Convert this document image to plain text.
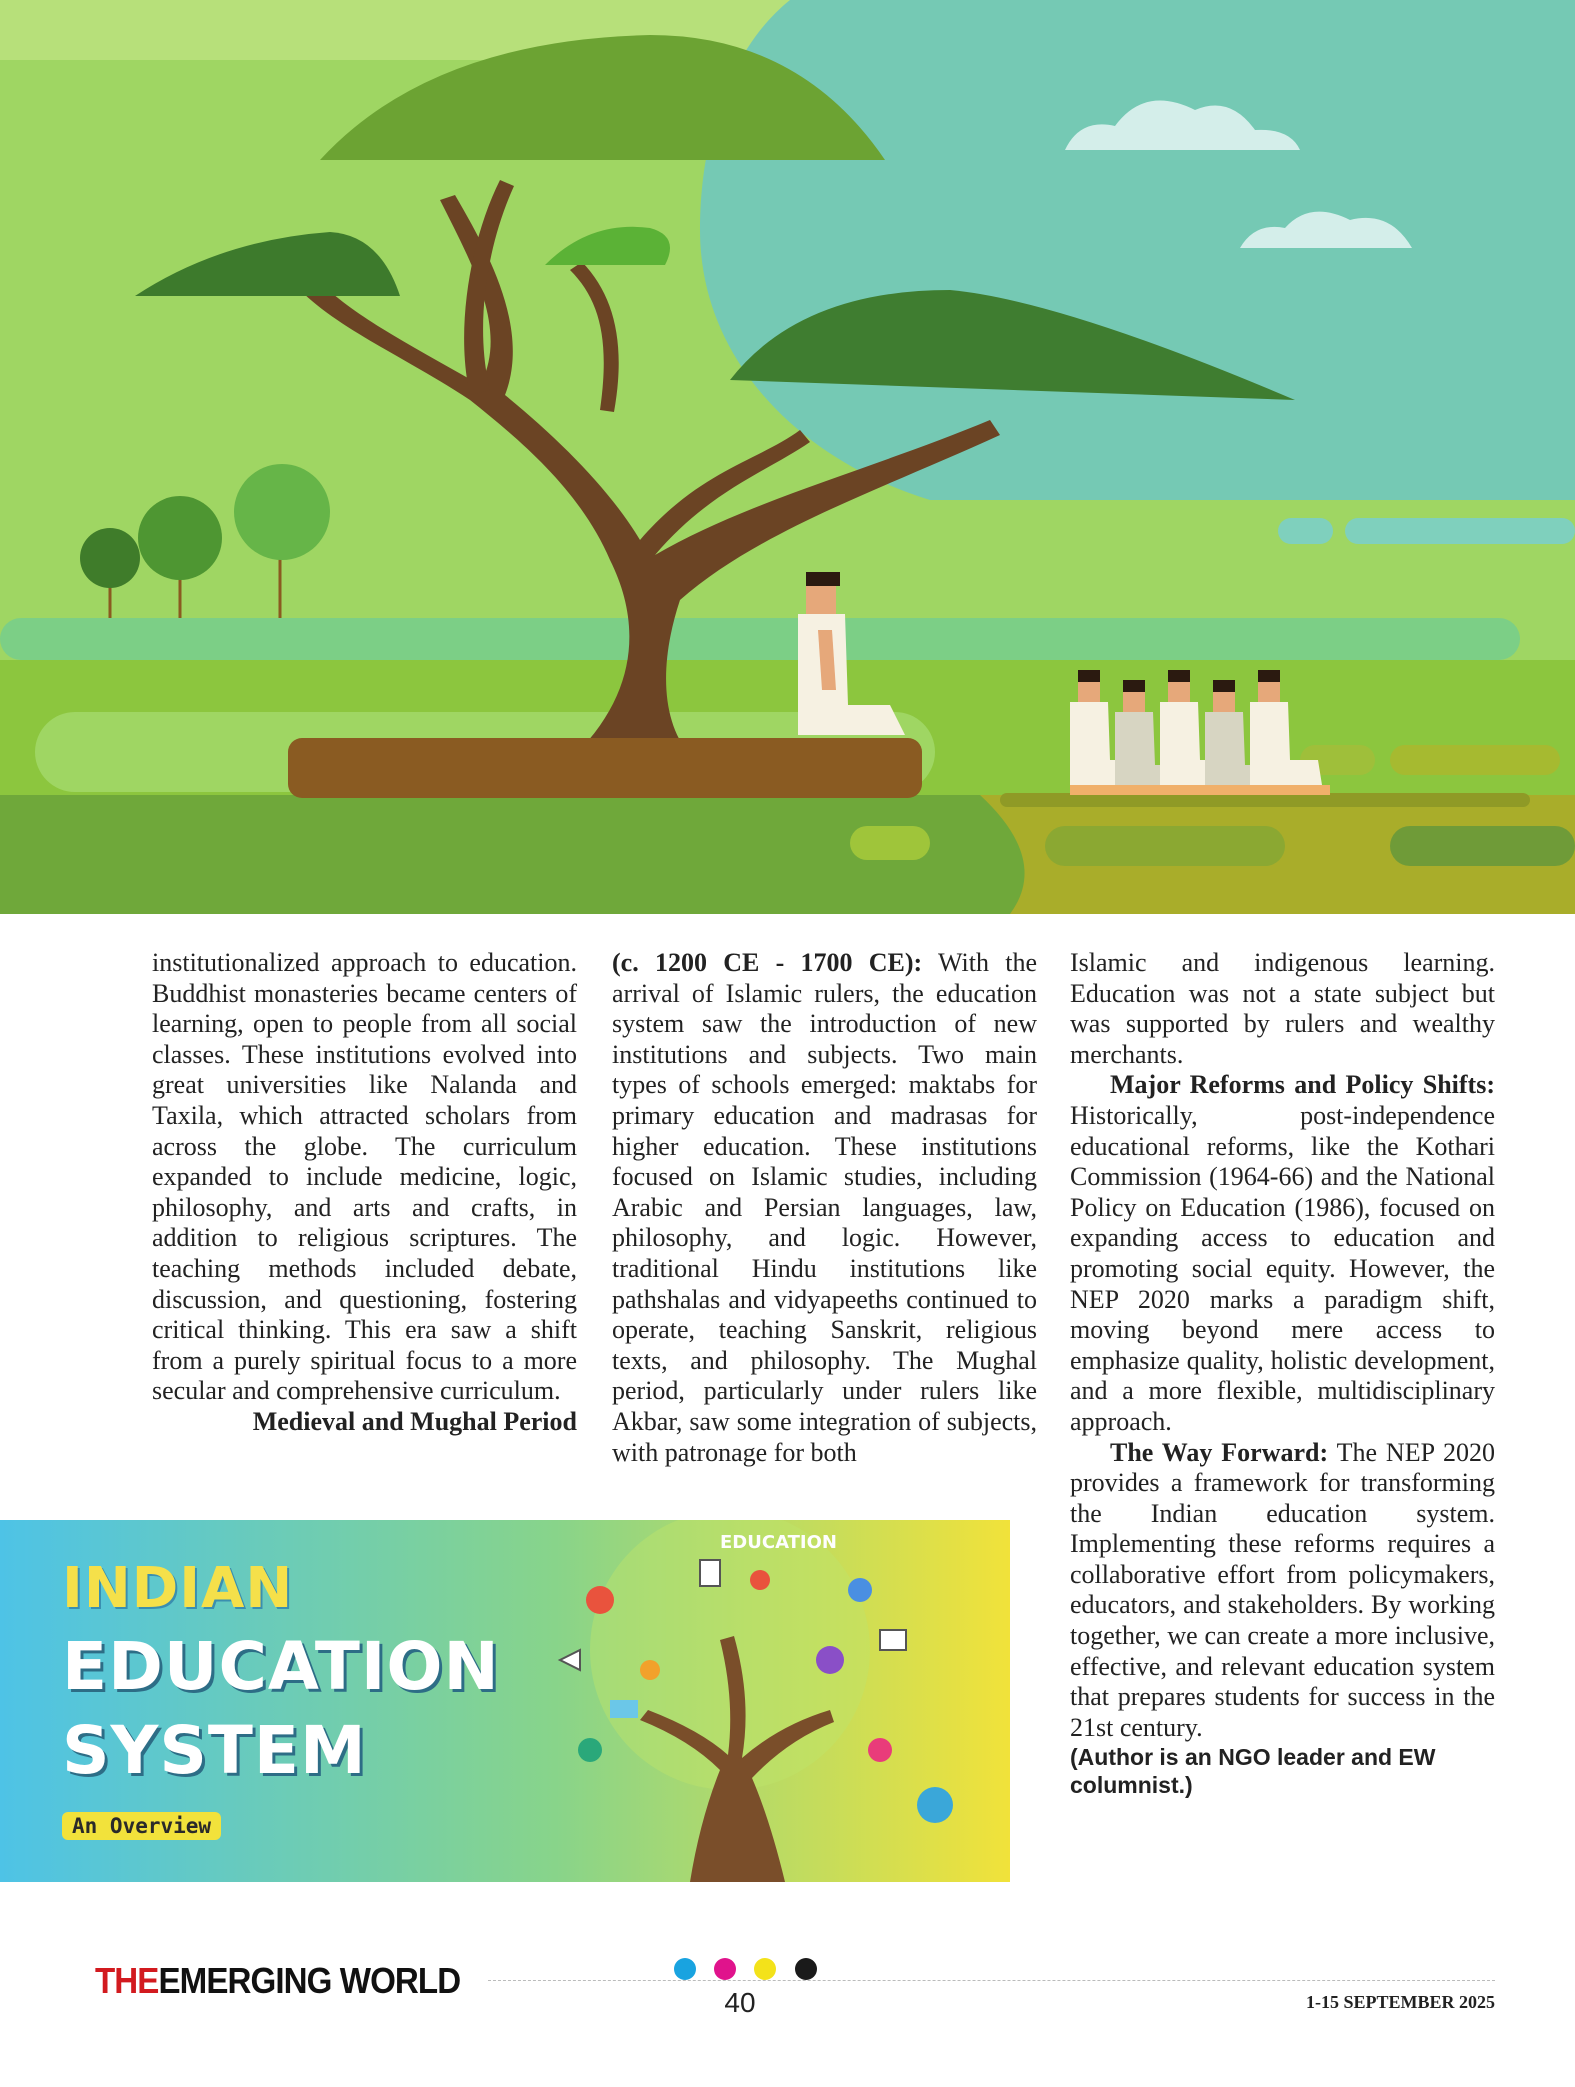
institutionalized approach to education. Buddhist monasteries became centers of learning, open to people from all social classes. These institutions evolved into great universities like Nalanda and Taxila, which attracted scholars from across the globe. The curriculum expanded to include medicine, logic, philosophy, and arts and crafts, in addition to religious scriptures. The teaching methods included debate, discussion, and questioning, fostering critical thinking. This era saw a shift from a purely spiritual focus to a more secular and comprehensive curriculum.

Medieval and Mughal Period

(c. 1200 CE - 1700 CE): With the arrival of Islamic rulers, the education system saw the introduction of new institutions and subjects. Two main types of schools emerged: maktabs for primary education and madrasas for higher education. These institutions focused on Islamic studies, including Arabic and Persian languages, law, philosophy, and logic. However, traditional Hindu institutions like pathshalas and vidyapeeths continued to operate, teaching Sanskrit, religious texts, and philosophy. The Mughal period, particularly under rulers like Akbar, saw some integration of subjects, with patronage for both

Islamic and indigenous learning. Education was not a state subject but was supported by rulers and wealthy merchants.

Major Reforms and Policy Shifts: Historically, post-independence educational reforms, like the Kothari Commission (1964-66) and the National Policy on Education (1986), focused on expanding access to education and promoting social equity. However, the NEP 2020 marks a paradigm shift, moving beyond mere access to emphasize quality, holistic development, and a more flexible, multidisciplinary approach.

The Way Forward: The NEP 2020 provides a framework for transforming the Indian education system. Implementing these reforms requires a collaborative effort from policymakers, educators, and stakeholders. By working together, we can create a more inclusive, effective, and relevant education system that prepares students for success in the 21st century.

(Author is an NGO leader and EW columnist.)

EDUCATION
INDIAN
EDUCATION
SYSTEM
An Overview
THEEMERGING WORLD
40	1-15 SEPTEMBER 2025
